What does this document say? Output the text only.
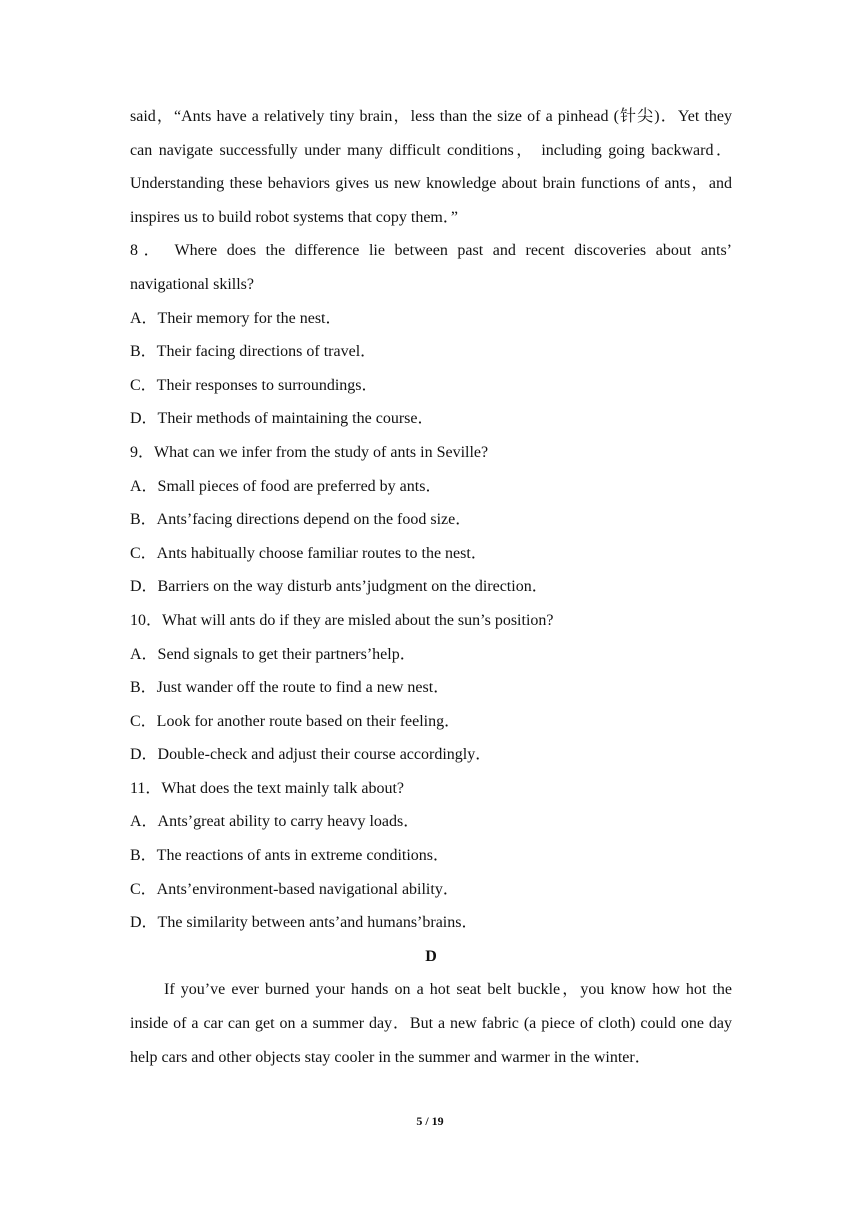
said，“Ants have a relatively tiny brain，less than the size of a pinhead (针尖)．Yet they can navigate successfully under many difficult conditions， including going backward． Understanding these behaviors gives us new knowledge about brain functions of ants，and inspires us to build robot systems that copy them．”

8． Where does the difference lie between past and recent discoveries about ants’ navigational skills?

A．Their memory for the nest．

B．Their facing directions of travel．

C．Their responses to surroundings．

D．Their methods of maintaining the course．

9．What can we infer from the study of ants in Seville?

A．Small pieces of food are preferred by ants．

B．Ants’facing directions depend on the food size．

C．Ants habitually choose familiar routes to the nest．

D．Barriers on the way disturb ants’judgment on the direction．

10．What will ants do if they are misled about the sun’s position?

A．Send signals to get their partners’help．

B．Just wander off the route to find a new nest．

C．Look for another route based on their feeling．

D．Double-check and adjust their course accordingly．

11．What does the text mainly talk about?

A．Ants’great ability to carry heavy loads．

B．The reactions of ants in extreme conditions．

C．Ants’environment-based navigational ability．

D．The similarity between ants’and humans’brains．

D

If you’ve ever burned your hands on a hot seat belt buckle，you know how hot the inside of a car can get on a summer day．But a new fabric (a piece of cloth) could one day help cars and other objects stay cooler in the summer and warmer in the winter．

5 / 19
